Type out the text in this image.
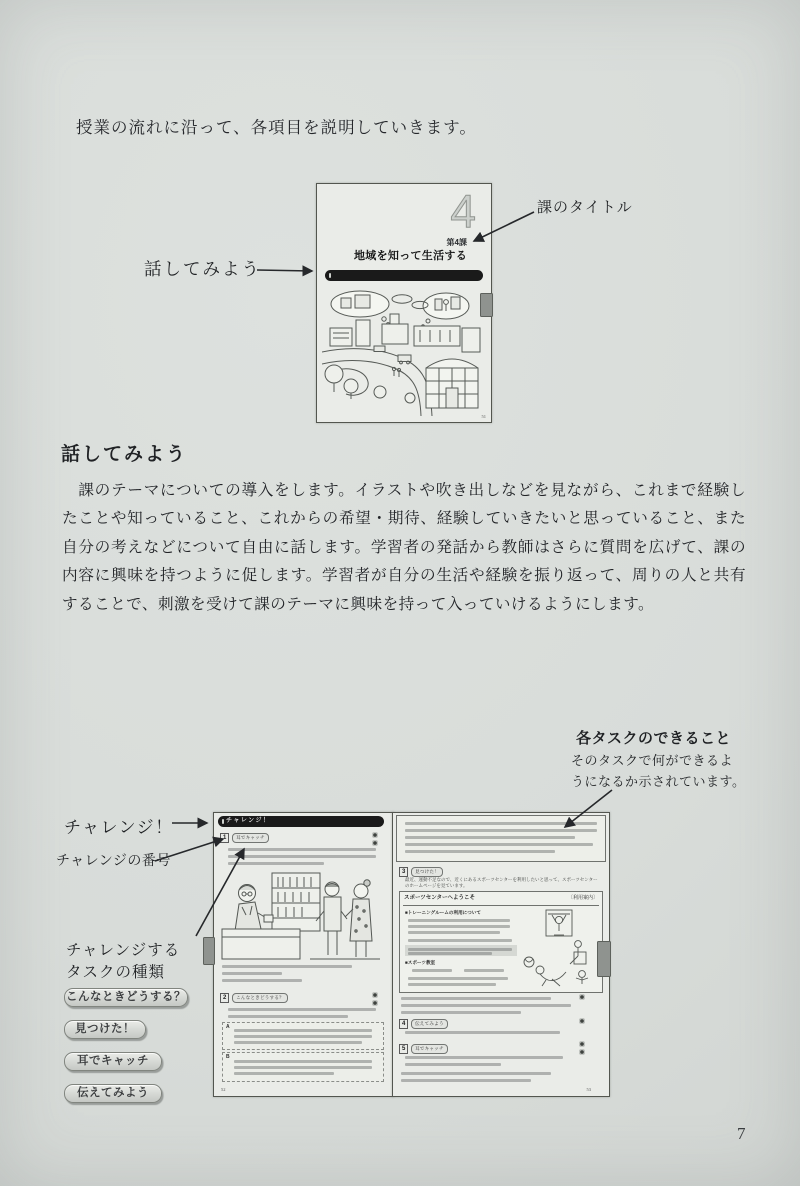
授業の流れに沿って、各項目を説明していきます。
4
第4課
地域を知って生活する
51
課のタイトル
話してみよう
話してみよう

　課のテーマについての導入をします。イラストや吹き出しなどを見ながら、これまで経験したことや知っていること、これからの希望・期待、経験していきたいと思っていること、また自分の考えなどについて自由に話します。学習者の発話から教師はさらに質問を広げて、課の内容に興味を持つように促します。学習者が自分の生活や経験を振り返って、周りの人と共有することで、刺激を受けて課のテーマに興味を持って入っていけるようにします。

各タスクのできること
そのタスクで何ができるよ
うになるか示されています。
チャレンジ！
チャレンジの番号
チャレンジする
タスクの種類
こんなときどうする？
見つけた！
耳でキャッチ
伝えてみよう
チャレンジ！
1	耳でキャッチ
2	こんなときどうする？
A
B
52
3	見つけた！
最近、運動不足なので、近くにあるスポーツセンターを利用したいと思って、スポーツセンター
のホームページを見ています。
スポーツセンターへようこそ	〔利用案内〕
■トレーニングルームの利用について
■スポーツ教室
4	伝えてみよう
5	耳でキャッチ
53
7
